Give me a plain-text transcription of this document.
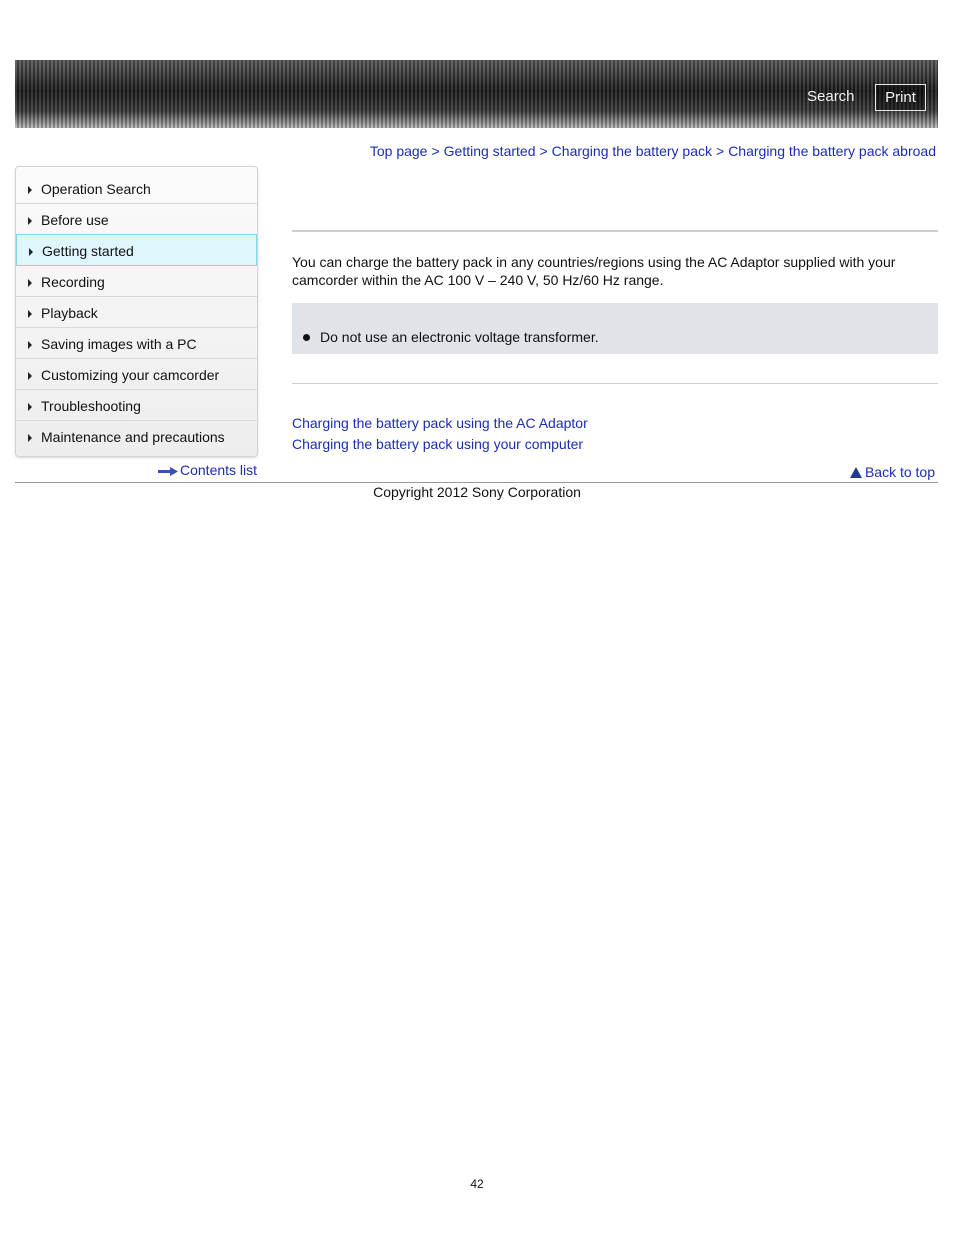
Search	Print
Top page > Getting started > Charging the battery pack > Charging the battery pack abroad
Operation Search
Before use
Getting started
Recording
Playback
Saving images with a PC
Customizing your camcorder
Troubleshooting
Maintenance and precautions
Contents list
You can charge the battery pack in any countries/regions using the AC Adaptor supplied with your camcorder within the AC 100 V – 240 V, 50 Hz/60 Hz range.
Do not use an electronic voltage transformer.
Charging the battery pack using the AC Adaptor
Charging the battery pack using your computer
Back to top
Copyright 2012 Sony Corporation
42
